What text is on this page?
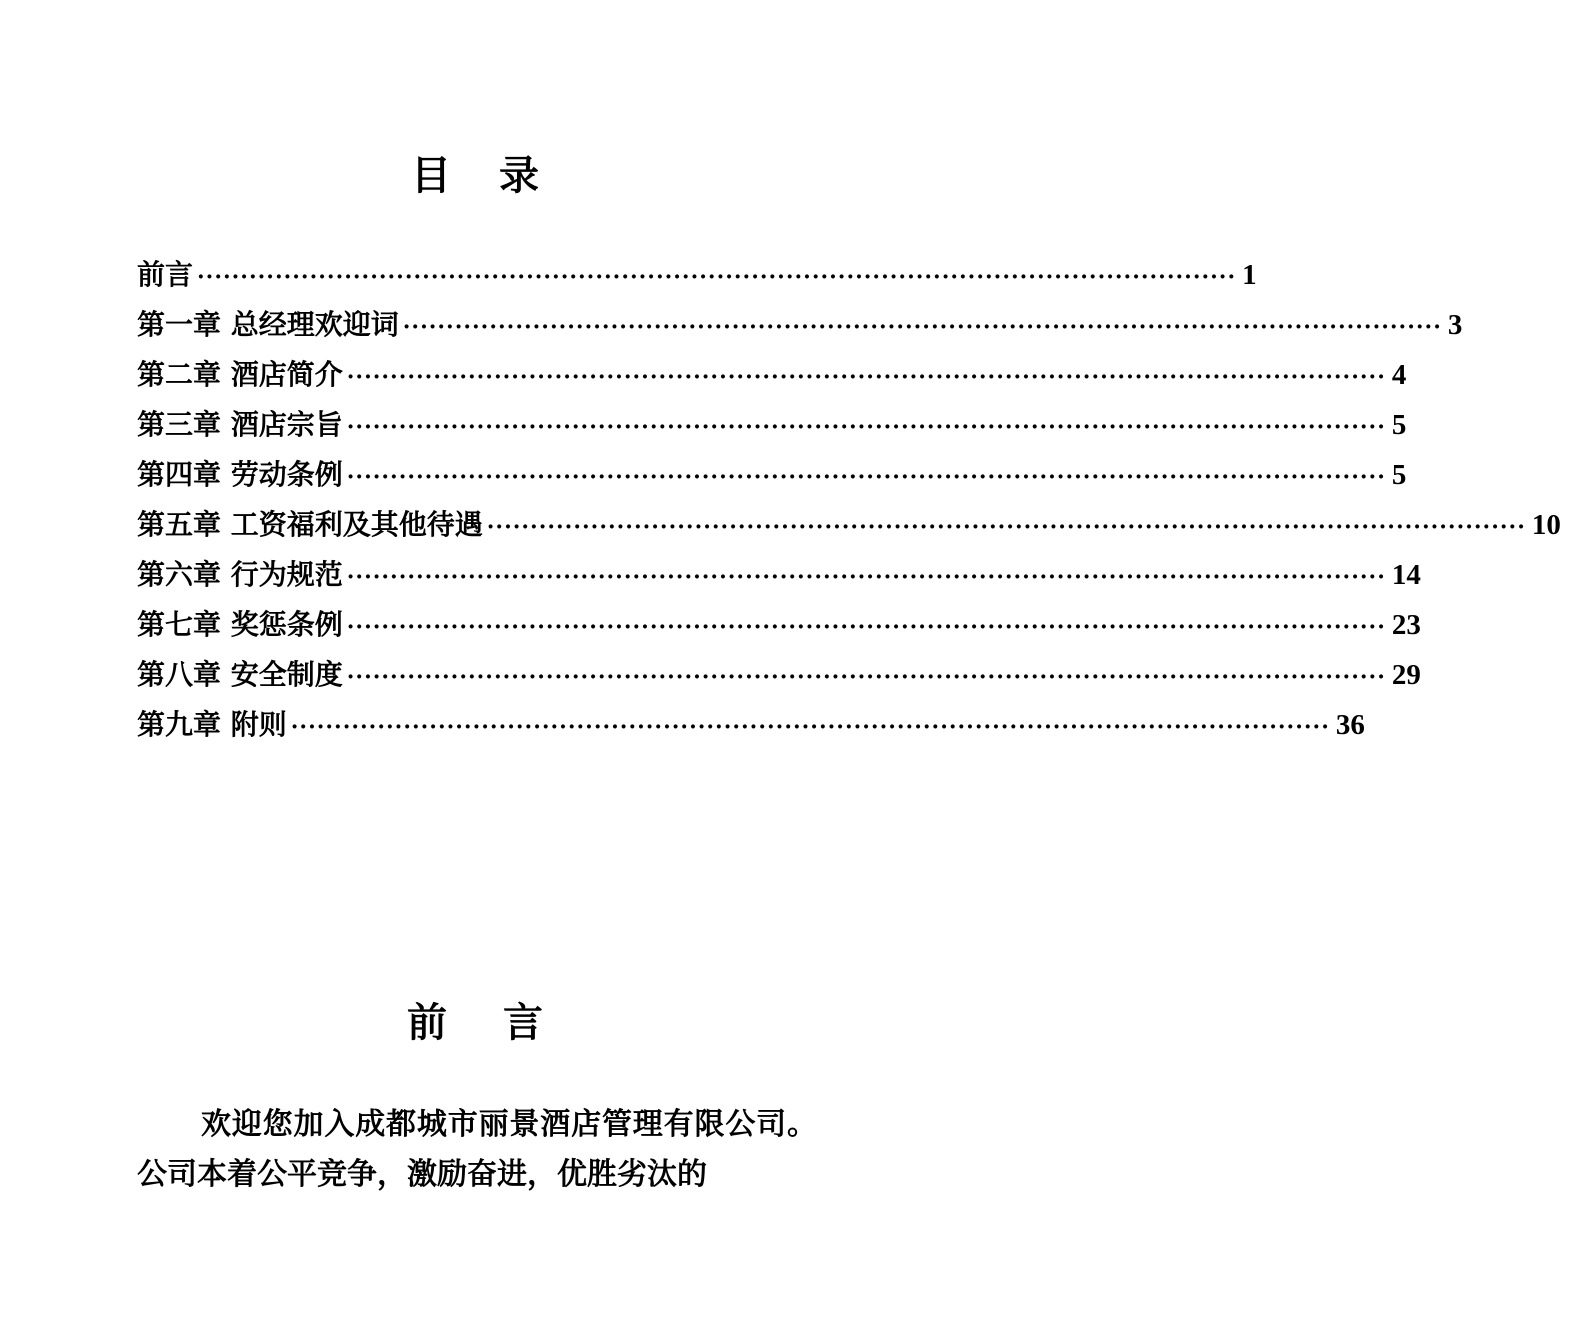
目 录
前言 ························································································································ 1
第一章 总经理欢迎词 ························································································································ 3
第二章 酒店简介 ························································································································ 4
第三章 酒店宗旨 ························································································································ 5
第四章 劳动条例 ························································································································ 5
第五章 工资福利及其他待遇 ························································································································ 10
第六章 行为规范 ························································································································ 14
第七章 奖惩条例 ························································································································ 23
第八章 安全制度 ························································································································ 29
第九章 附则 ························································································································ 36
前 言

欢迎您加入成都城市丽景酒店管理有限公司。公司本着公平竞争，激励奋进，优胜劣汰的
